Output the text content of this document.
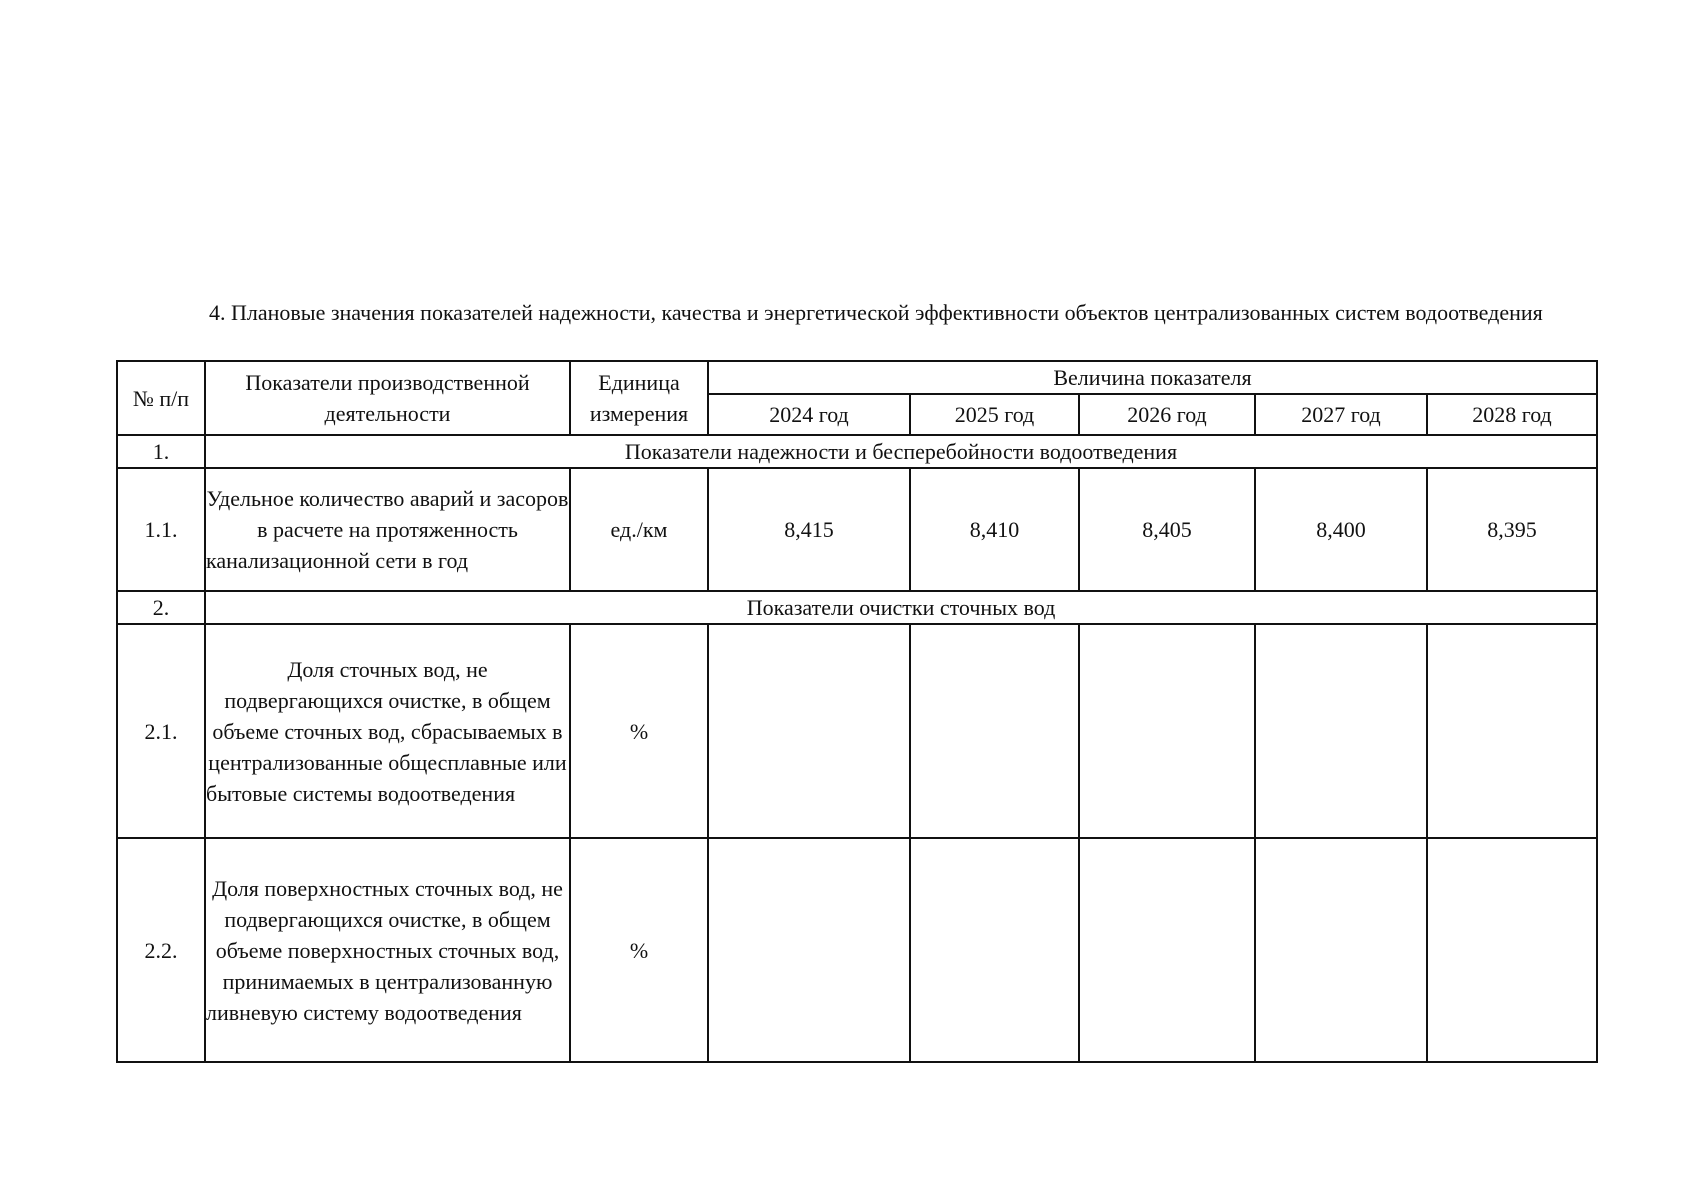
4. Плановые значения показателей надежности, качества и энергетической эффективности объектов централизованных систем водоотведения

№ п/п	Показатели производственной деятельности	Единица измерения	Величина показателя				
			2024 год	2025 год	2026 год	2027 год	2028 год
1.	Показатели надежности и бесперебойности водоотведения						
1.1.	Удельное количество аварий и засоров в расчете на протяженность канализационной сети в год	ед./км	8,415	8,410	8,405	8,400	8,395
2.	Показатели очистки сточных вод						
2.1.	Доля сточных вод, не подвергающихся очистке, в общем объеме сточных вод, сбрасываемых в централизованные общесплавные или бытовые системы водоотведения	%					
2.2.	Доля поверхностных сточных вод, не подвергающихся очистке, в общем объеме поверхностных сточных вод, принимаемых в централизованную ливневую систему водоотведения	%					
